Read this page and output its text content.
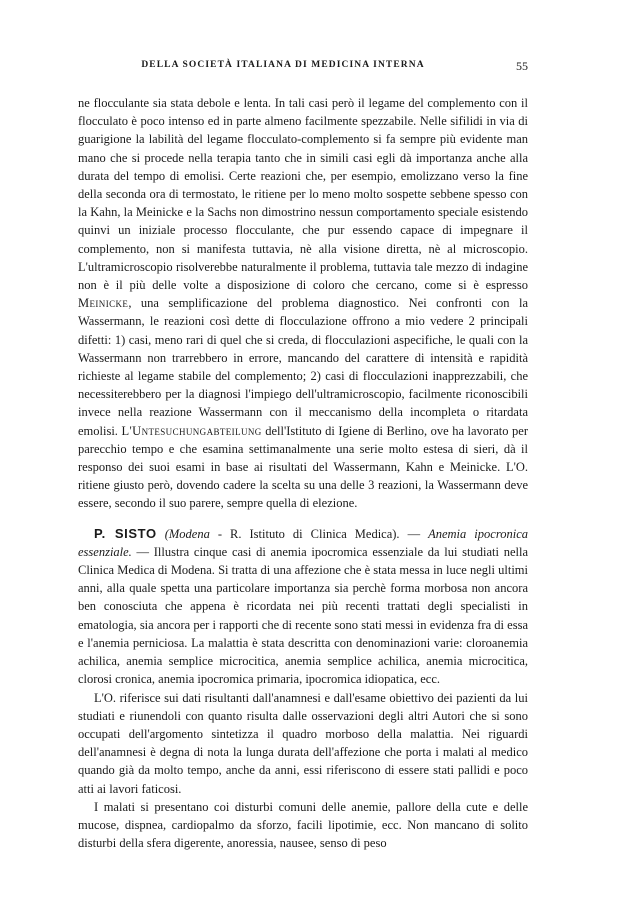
DELLA SOCIETÀ ITALIANA DI MEDICINA INTERNA	55

ne flocculante sia stata debole e lenta. In tali casi però il legame del complemento con il flocculato è poco intenso ed in parte almeno facilmente spezzabile. Nelle sifilidi in via di guarigione la labilità del legame flocculato-complemento si fa sempre più evidente man mano che si procede nella terapia tanto che in simili casi egli dà importanza anche alla durata del tempo di emolisi. Certe reazioni che, per esempio, emolizzano verso la fine della seconda ora di termostato, le ritiene per lo meno molto sospette sebbene spesso con la Kahn, la Meinicke e la Sachs non dimostrino nessun comportamento speciale esistendo quinvi un iniziale processo flocculante, che pur essendo capace di impegnare il complemento, non si manifesta tuttavia, nè alla visione diretta, nè al microscopio. L'ultramicroscopio risolverebbe naturalmente il problema, tuttavia tale mezzo di indagine non è il più delle volte a disposizione di coloro che cercano, come si è espresso Meinicke, una semplificazione del problema diagnostico. Nei confronti con la Wassermann, le reazioni così dette di flocculazione offrono a mio vedere 2 principali difetti: 1) casi, meno rari di quel che si creda, di flocculazioni aspecifiche, le quali con la Wassermann non trarrebbero in errore, mancando del carattere di intensità e rapidità richieste al legame stabile del complemento; 2) casi di flocculazioni inapprezzabili, che necessiterebbero per la diagnosi l'impiego dell'ultramicroscopio, facilmente riconoscibili invece nella reazione Wassermann con il meccanismo della incompleta o ritardata emolisi. L'Untesuchungabteilung dell'Istituto di Igiene di Berlino, ove ha lavorato per parecchio tempo e che esamina settimanalmente una serie molto estesa di sieri, dà il responso dei suoi esami in base ai risultati del Wassermann, Kahn e Meinicke. L'O. ritiene giusto però, dovendo cadere la scelta su una delle 3 reazioni, la Wassermann deve essere, secondo il suo parere, sempre quella di elezione.

P. SISTO (Modena - R. Istituto di Clinica Medica). — Anemia ipocronica essenziale. — Illustra cinque casi di anemia ipocromica essenziale da lui studiati nella Clinica Medica di Modena. Si tratta di una affezione che è stata messa in luce negli ultimi anni, alla quale spetta una particolare importanza sia perchè forma morbosa non ancora ben conosciuta che appena è ricordata nei più recenti trattati degli specialisti in ematologia, sia ancora per i rapporti che di recente sono stati messi in evidenza fra di essa e l'anemia perniciosa. La malattia è stata descritta con denominazioni varie: cloroanemia achilica, anemia semplice microcitica, anemia semplice achilica, anemia microcitica, clorosi cronica, anemia ipocromica primaria, ipocromica idiopatica, ecc.

L'O. riferisce sui dati risultanti dall'anamnesi e dall'esame obiettivo dei pazienti da lui studiati e riunendoli con quanto risulta dalle osservazioni degli altri Autori che si sono occupati dell'argomento sintetizza il quadro morboso della malattia. Nei riguardi dell'anamnesi è degna di nota la lunga durata dell'affezione che porta i malati al medico quando già da molto tempo, anche da anni, essi riferiscono di essere stati pallidi e poco atti ai lavori faticosi.

I malati si presentano coi disturbi comuni delle anemie, pallore della cute e delle mucose, dispnea, cardiopalmo da sforzo, facili lipotimie, ecc. Non mancano di solito disturbi della sfera digerente, anoressia, nausee, senso di peso
